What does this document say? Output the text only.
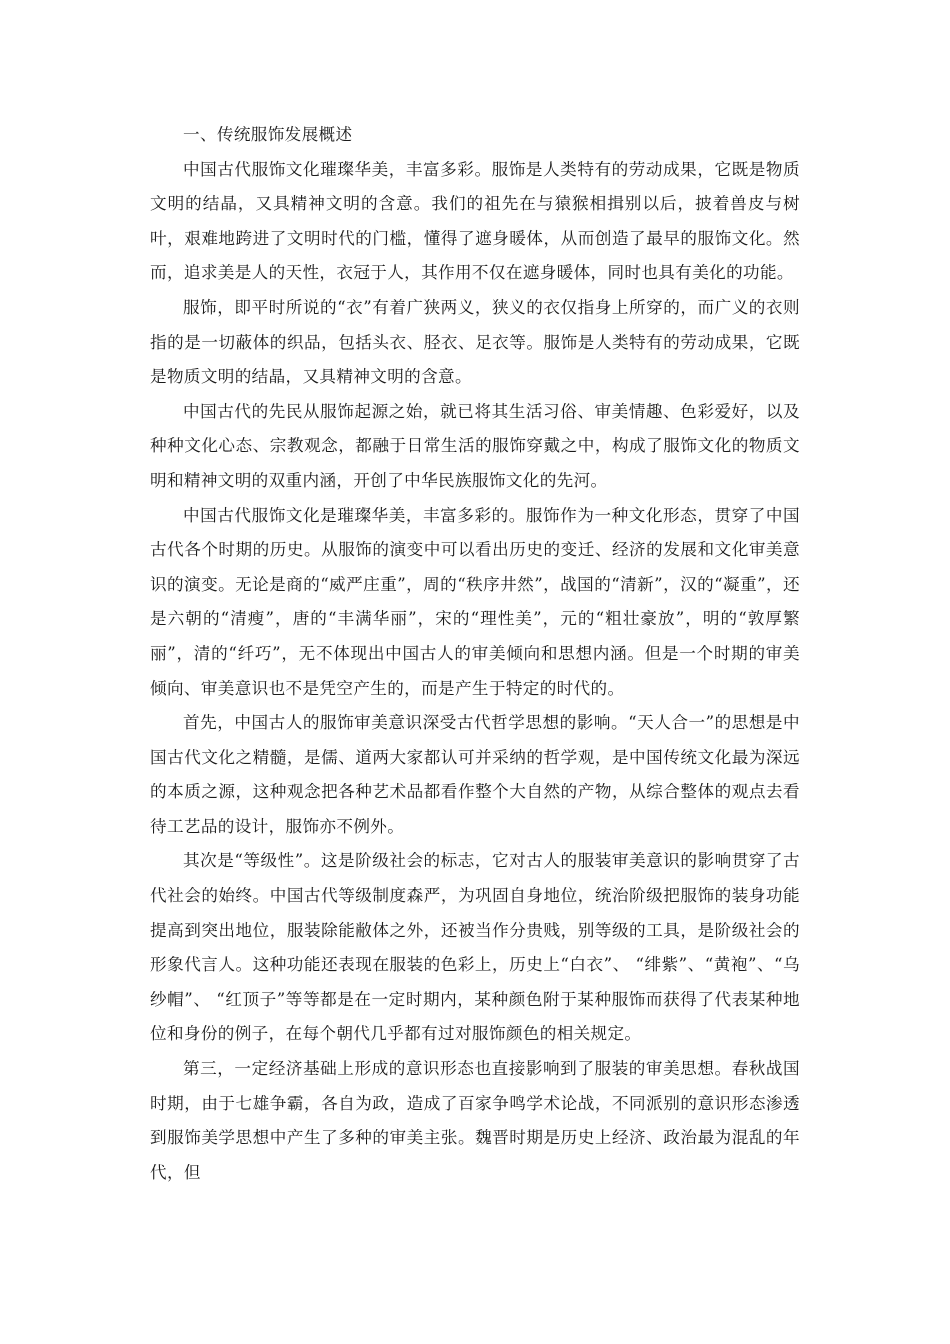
一、传统服饰发展概述

中国古代服饰文化璀璨华美，丰富多彩。服饰是人类特有的劳动成果，它既是物质文明的结晶，又具精神文明的含意。我们的祖先在与猿猴相揖别以后，披着兽皮与树叶，艰难地跨进了文明时代的门槛，懂得了遮身暖体，从而创造了最早的服饰文化。然而，追求美是人的天性，衣冠于人，其作用不仅在遮身暖体，同时也具有美化的功能。

服饰，即平时所说的“衣”有着广狭两义，狭义的衣仅指身上所穿的，而广义的衣则指的是一切蔽体的织品，包括头衣、胫衣、足衣等。服饰是人类特有的劳动成果，它既是物质文明的结晶，又具精神文明的含意。

中国古代的先民从服饰起源之始，就已将其生活习俗、审美情趣、色彩爱好，以及种种文化心态、宗教观念，都融于日常生活的服饰穿戴之中，构成了服饰文化的物质文明和精神文明的双重内涵，开创了中华民族服饰文化的先河。

中国古代服饰文化是璀璨华美，丰富多彩的。服饰作为一种文化形态，贯穿了中国古代各个时期的历史。从服饰的演变中可以看出历史的变迁、经济的发展和文化审美意识的演变。无论是商的“威严庄重”，周的“秩序井然”，战国的“清新”，汉的“凝重”，还是六朝的“清瘦”，唐的“丰满华丽”，宋的“理性美”，元的“粗壮豪放”，明的“敦厚繁丽”，清的“纤巧”，无不体现出中国古人的审美倾向和思想内涵。但是一个时期的审美倾向、审美意识也不是凭空产生的，而是产生于特定的时代的。

首先，中国古人的服饰审美意识深受古代哲学思想的影响。“天人合一”的思想是中国古代文化之精髓，是儒、道两大家都认可并采纳的哲学观，是中国传统文化最为深远的本质之源，这种观念把各种艺术品都看作整个大自然的产物，从综合整体的观点去看待工艺品的设计，服饰亦不例外。

其次是“等级性”。这是阶级社会的标志，它对古人的服装审美意识的影响贯穿了古代社会的始终。中国古代等级制度森严，为巩固自身地位，统治阶级把服饰的装身功能提高到突出地位，服装除能敝体之外，还被当作分贵贱，别等级的工具，是阶级社会的形象代言人。这种功能还表现在服装的色彩上，历史上“白衣”、 “绯紫”、“黄袍”、“乌纱帽”、 “红顶子”等等都是在一定时期内，某种颜色附于某种服饰而获得了代表某种地位和身份的例子，在每个朝代几乎都有过对服饰颜色的相关规定。

第三，一定经济基础上形成的意识形态也直接影响到了服装的审美思想。春秋战国时期，由于七雄争霸，各自为政，造成了百家争鸣学术论战，不同派别的意识形态渗透到服饰美学思想中产生了多种的审美主张。魏晋时期是历史上经济、政治最为混乱的年代，但
